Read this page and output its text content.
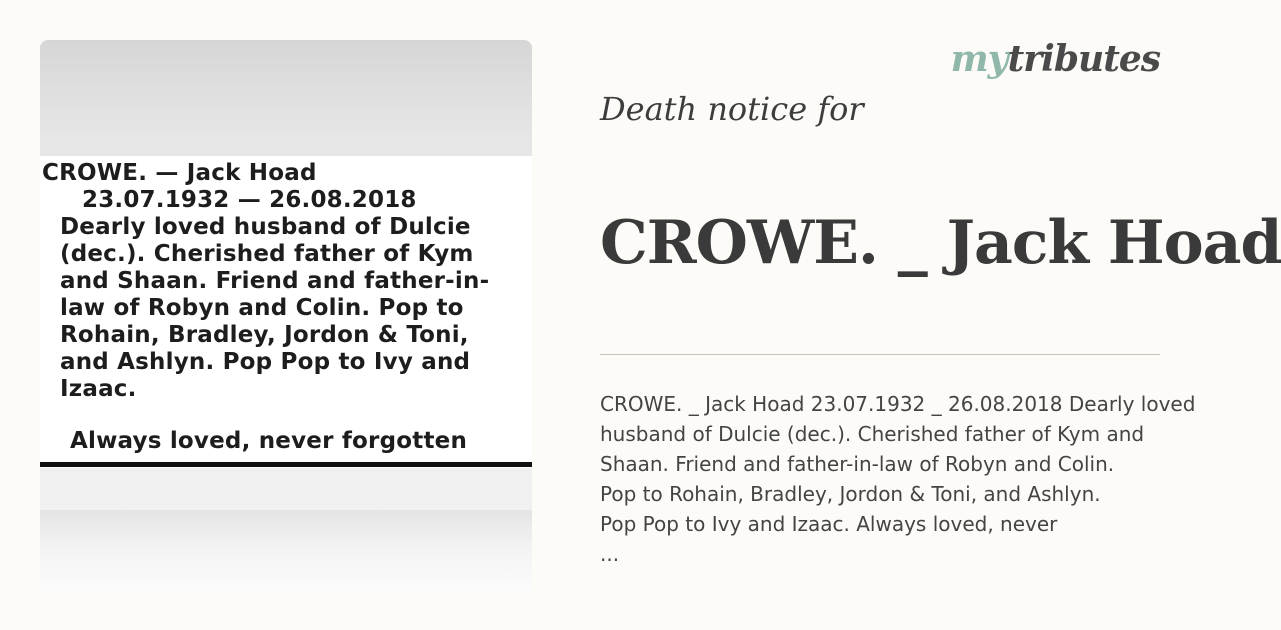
CROWE. — Jack Hoad
23.07.1932 — 26.08.2018
Dearly loved husband of Dulcie
(dec.). Cherished father of Kym
and Shaan. Friend and father-in-
law of Robyn and Colin. Pop to
Rohain, Bradley, Jordon & Toni,
and Ashlyn. Pop Pop to Ivy and
Izaac.
Always loved, never forgotten
mytributes
Death notice for
CROWE. _ Jack Hoad
CROWE. _ Jack Hoad 23.07.1932 _ 26.08.2018 Dearly loved
husband of Dulcie (dec.). Cherished father of Kym and
Shaan. Friend and father-in-law of Robyn and Colin.
Pop to Rohain, Bradley, Jordon & Toni, and Ashlyn.
Pop Pop to Ivy and Izaac. Always loved, never
...
